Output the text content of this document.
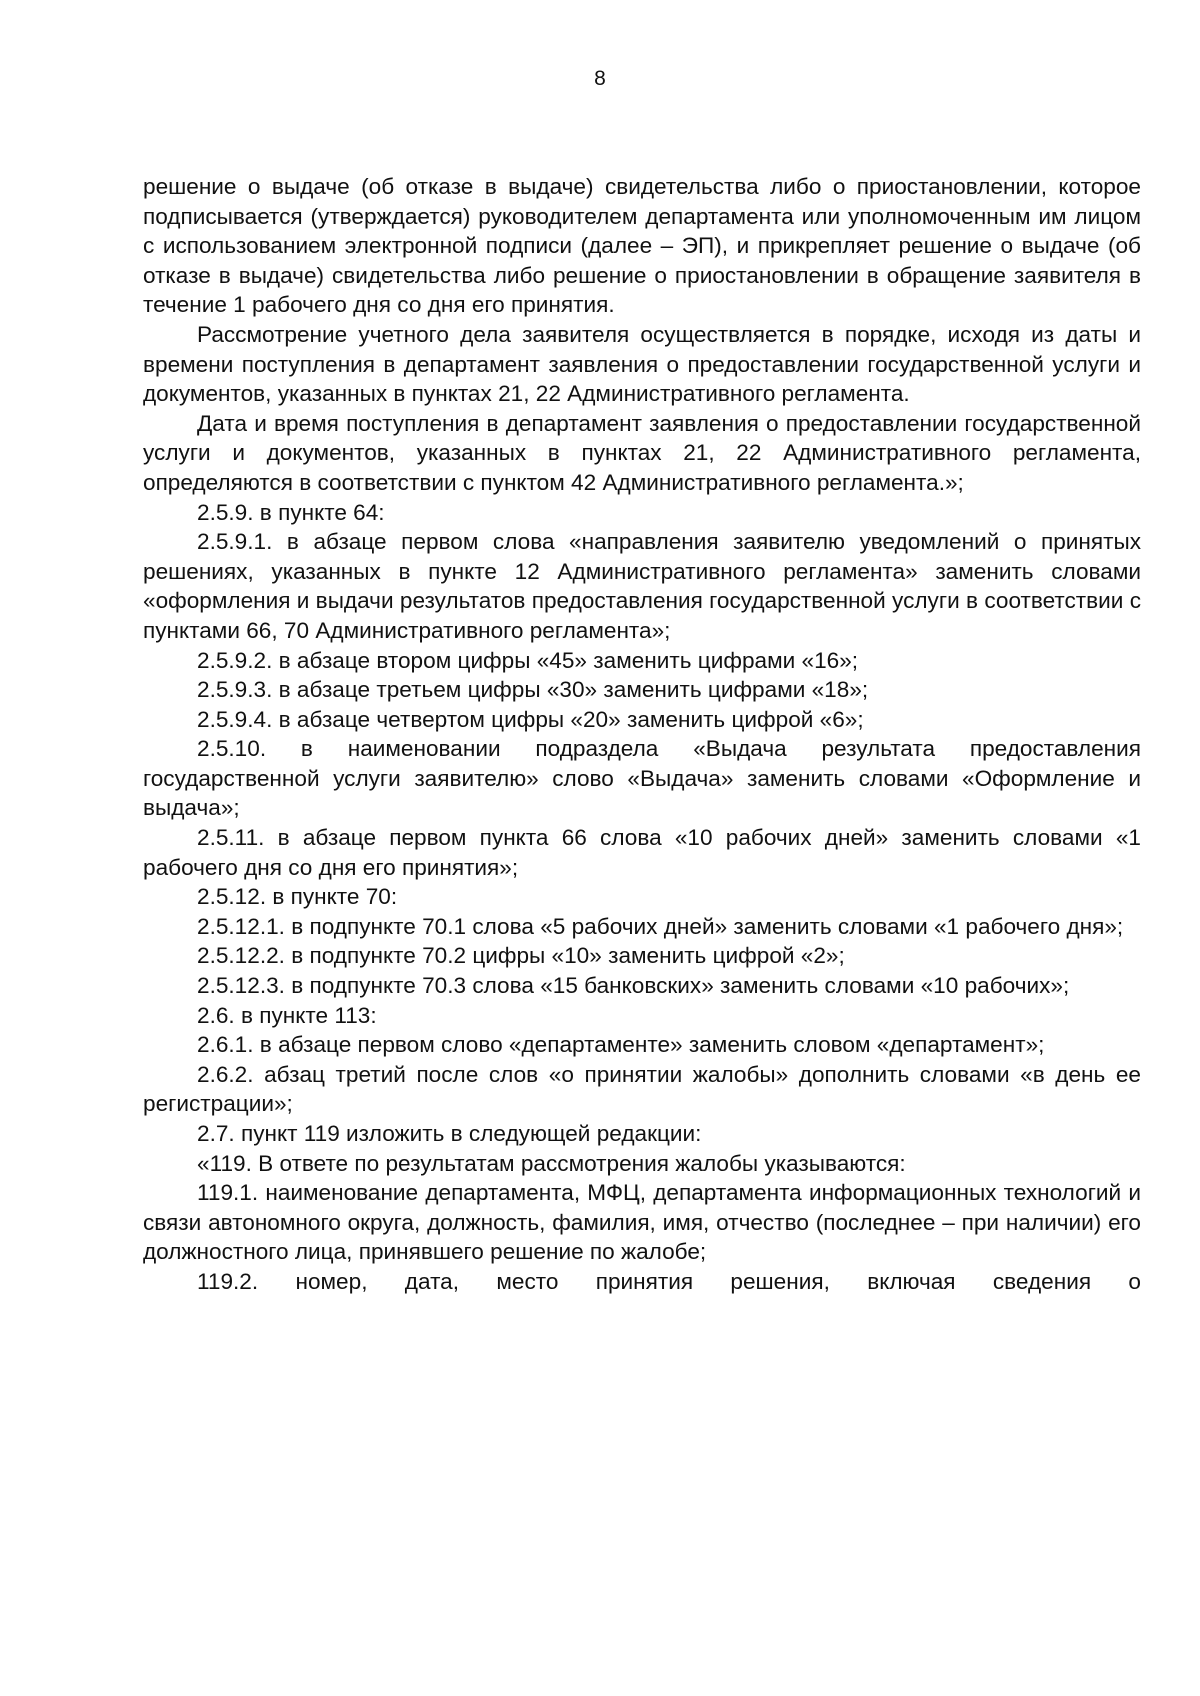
8

решение о выдаче (об отказе в выдаче) свидетельства либо о приостановлении, которое подписывается (утверждается) руководителем департамента или уполномоченным им лицом с использованием электронной подписи (далее – ЭП), и прикрепляет решение о выдаче (об отказе в выдаче) свидетельства либо решение о приостановлении в обращение заявителя в течение 1 рабочего дня со дня его принятия.

Рассмотрение учетного дела заявителя осуществляется в порядке, исходя из даты и времени поступления в департамент заявления о предоставлении государственной услуги и документов, указанных в пунктах 21, 22 Административного регламента.

Дата и время поступления в департамент заявления о предоставлении государственной услуги и документов, указанных в пунктах 21, 22 Административного регламента, определяются в соответствии с пунктом 42 Административного регламента.»;

2.5.9. в пункте 64:

2.5.9.1. в абзаце первом слова «направления заявителю уведомлений о принятых решениях, указанных в пункте 12 Административного регламента» заменить словами «оформления и выдачи результатов предоставления государственной услуги в соответствии с пунктами 66, 70 Административного регламента»;

2.5.9.2. в абзаце втором цифры «45» заменить цифрами «16»;

2.5.9.3. в абзаце третьем цифры «30» заменить цифрами «18»;

2.5.9.4. в абзаце четвертом цифры «20» заменить цифрой «6»;

2.5.10. в наименовании подраздела «Выдача результата предоставления государственной услуги заявителю» слово «Выдача» заменить словами «Оформление и выдача»;

2.5.11. в абзаце первом пункта 66 слова «10 рабочих дней» заменить словами «1 рабочего дня со дня его принятия»;

2.5.12. в пункте 70:

2.5.12.1. в подпункте 70.1 слова «5 рабочих дней» заменить словами «1 рабочего дня»;

2.5.12.2. в подпункте 70.2 цифры «10» заменить цифрой «2»;

2.5.12.3. в подпункте 70.3 слова «15 банковских» заменить словами «10 рабочих»;

2.6. в пункте 113:

2.6.1. в абзаце первом слово «департаменте» заменить словом «департамент»;

2.6.2. абзац третий после слов «о принятии жалобы» дополнить словами «в день ее регистрации»;

2.7. пункт 119 изложить в следующей редакции:

«119. В ответе по результатам рассмотрения жалобы указываются:

119.1. наименование департамента, МФЦ, департамента информационных технологий и связи автономного округа, должность, фамилия, имя, отчество (последнее – при наличии) его должностного лица, принявшего решение по жалобе;

119.2. номер, дата, место принятия решения, включая сведения о
